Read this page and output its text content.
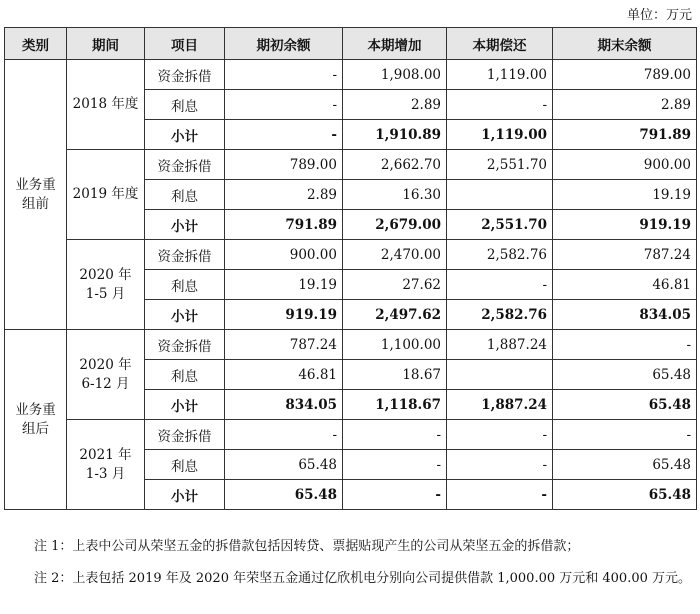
单位：万元
类别	期间	项目	期初余额	本期增加	本期偿还	期末余额
业务重组前	2018 年度	资金拆借	-	1,908.00	1,119.00	789.00
		利息	-	2.89	-	2.89
		小计	-	1,910.89	1,119.00	791.89
	2019 年度	资金拆借	789.00	2,662.70	2,551.70	900.00
		利息	2.89	16.30		19.19
		小计	791.89	2,679.00	2,551.70	919.19
	2020 年 1-5 月	资金拆借	900.00	2,470.00	2,582.76	787.24
		利息	19.19	27.62	-	46.81
		小计	919.19	2,497.62	2,582.76	834.05
业务重组后	2020 年 6-12 月	资金拆借	787.24	1,100.00	1,887.24	-
		利息	46.81	18.67		65.48
		小计	834.05	1,118.67	1,887.24	65.48
	2021 年 1-3 月	资金拆借	-	-	-	-
		利息	65.48	-	-	65.48
		小计	65.48	-	-	65.48

注 1：上表中公司从荣坚五金的拆借款包括因转贷、票据贴现产生的公司从荣坚五金的拆借款；

注 2：上表包括 2019 年及 2020 年荣坚五金通过亿欣机电分别向公司提供借款 1,000.00 万元和 400.00 万元。
